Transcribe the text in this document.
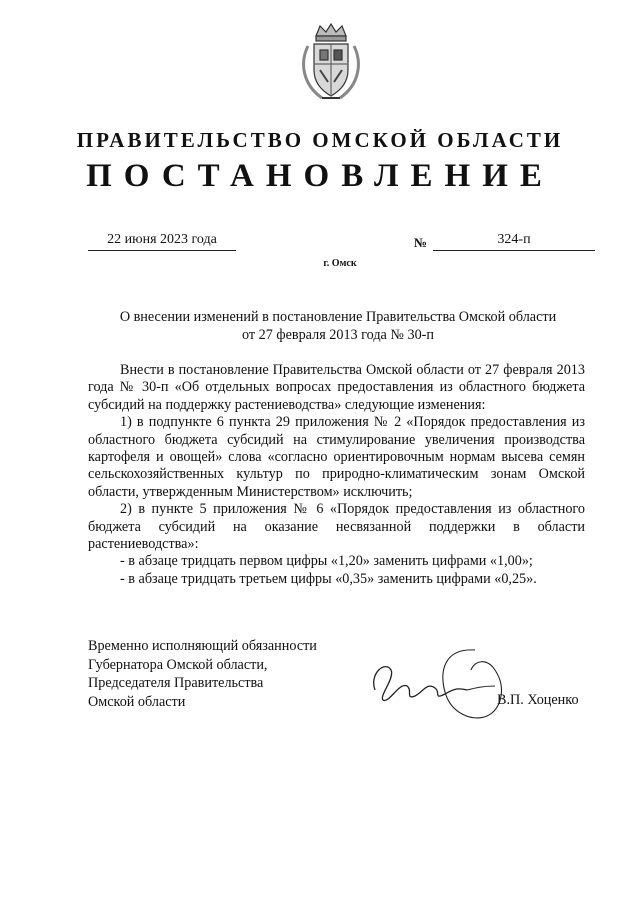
ПРАВИТЕЛЬСТВО ОМСКОЙ ОБЛАСТИ
ПОСТАНОВЛЕНИЕ
22 июня 2023 года	№	324-п
г. Омск
О внесении изменений в постановление Правительства Омской области
от 27 февраля 2013 года № 30-п

Внести в постановление Правительства Омской области от 27 февраля 2013 года № 30-п «Об отдельных вопросах предоставления из областного бюджета субсидий на поддержку растениеводства» следующие изменения:

1) в подпункте 6 пункта 29 приложения № 2 «Порядок предоставления из областного бюджета субсидий на стимулирование увеличения производства картофеля и овощей» слова «согласно ориентировочным нормам высева семян сельскохозяйственных культур по природно-климатическим зонам Омской области, утвержденным Министерством» исключить;

2) в пункте 5 приложения № 6 «Порядок предоставления из областного бюджета субсидий на оказание несвязанной поддержки в области растениеводства»:

- в абзаце тридцать первом цифры «1,20» заменить цифрами «1,00»;

- в абзаце тридцать третьем цифры «0,35» заменить цифрами «0,25».

Временно исполняющий обязанности
Губернатора Омской области,
Председателя Правительства
Омской области	В.П. Хоценко
